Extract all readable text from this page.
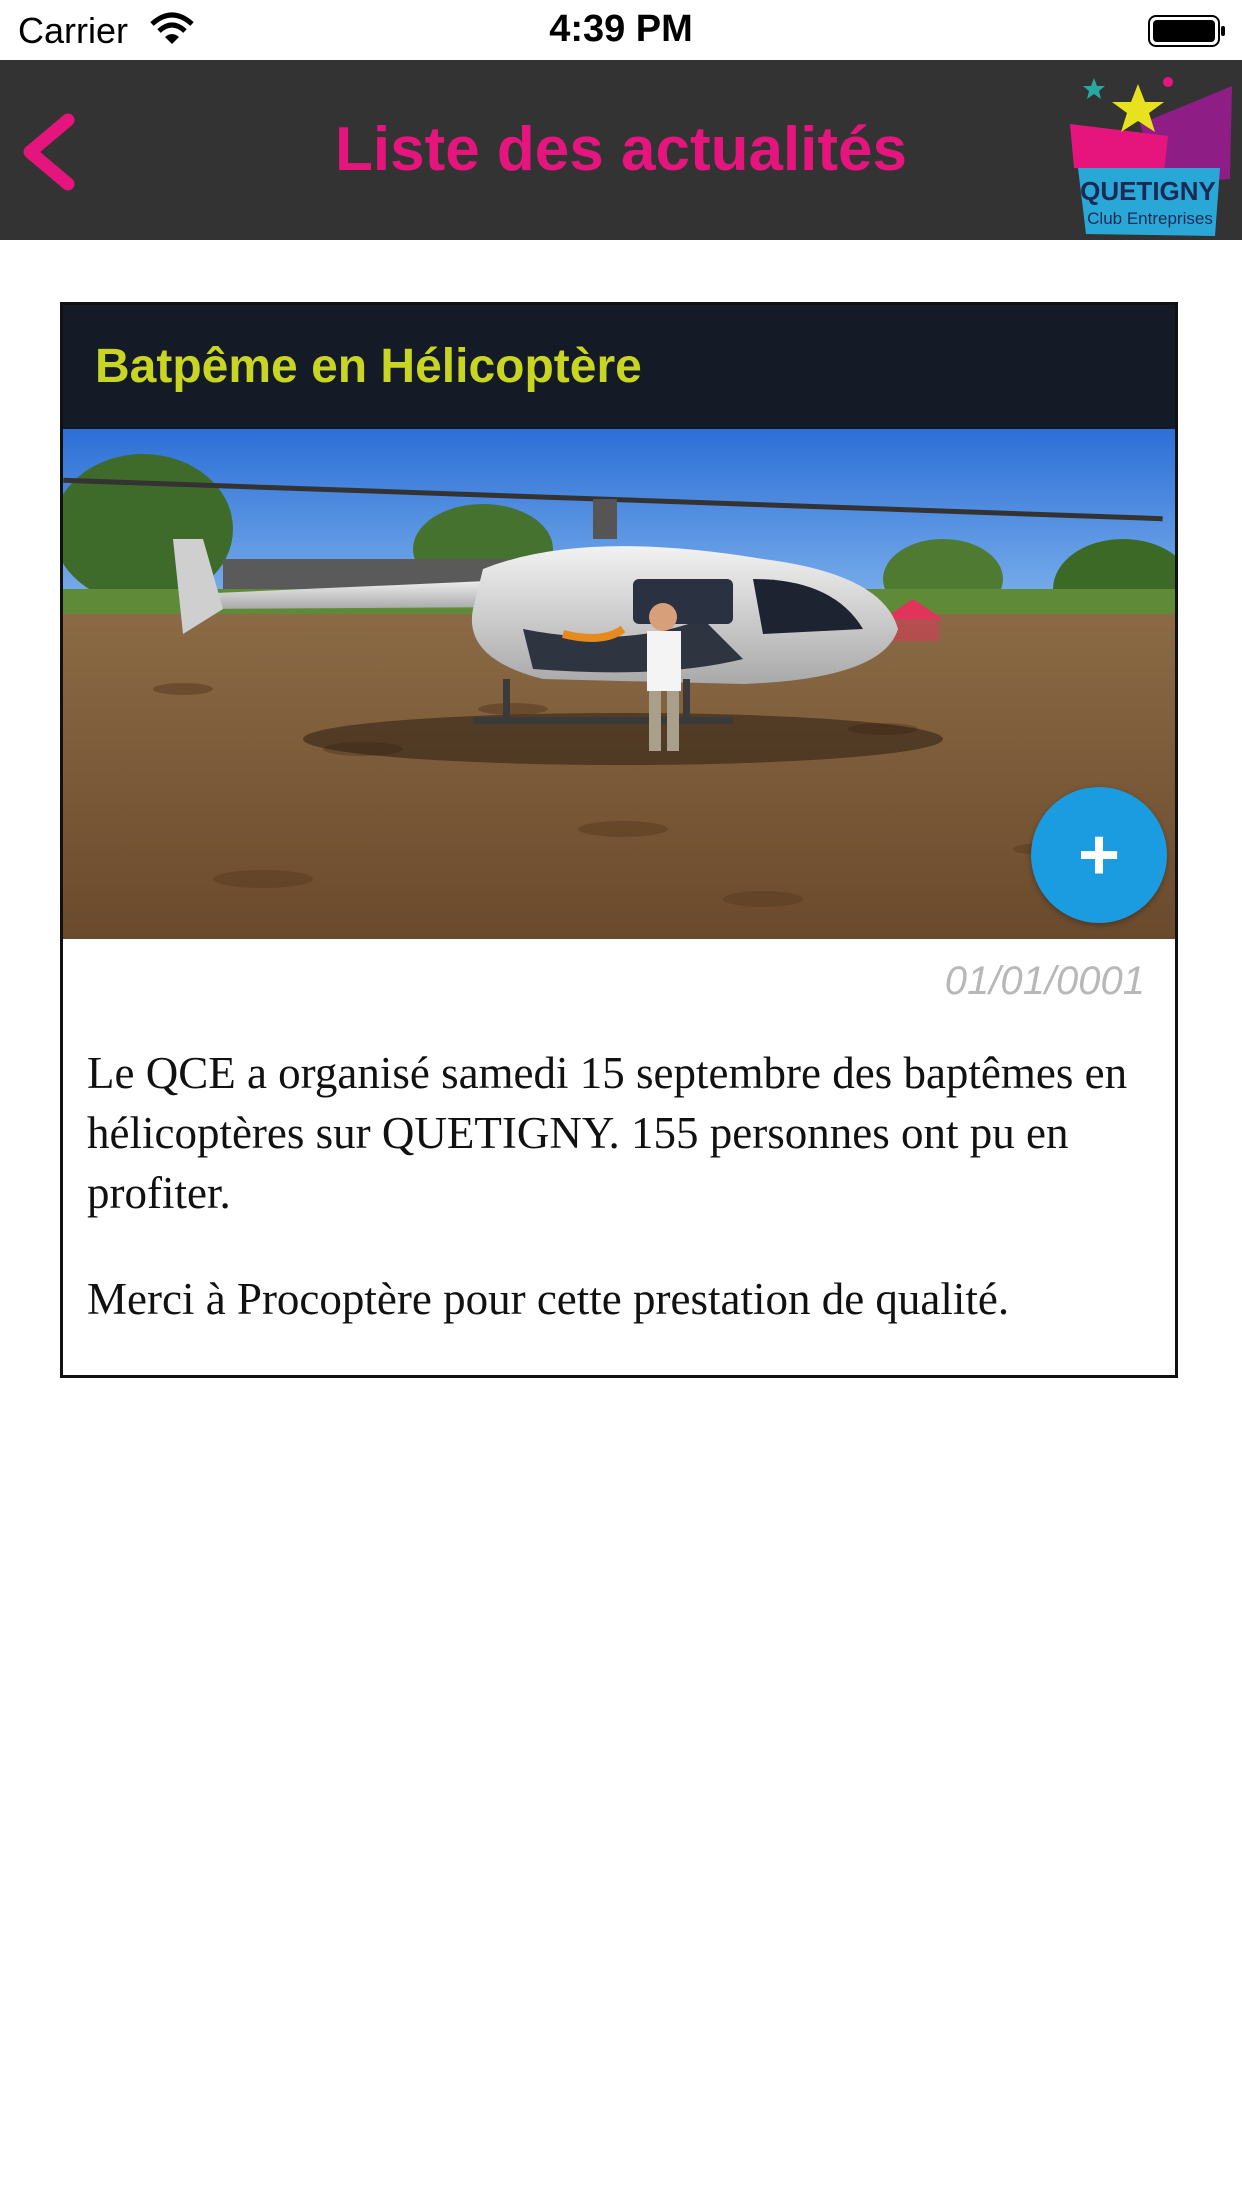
Carrier	4:39 PM
Liste des actualités
QUETIGNY
Club Entreprises
Batpême en Hélicoptère
+
01/01/0001

Le QCE a organisé samedi 15 septembre des baptêmes en hélicoptères sur QUETIGNY. 155 personnes ont pu en profiter.

Merci à Procoptère pour cette prestation de qualité.
